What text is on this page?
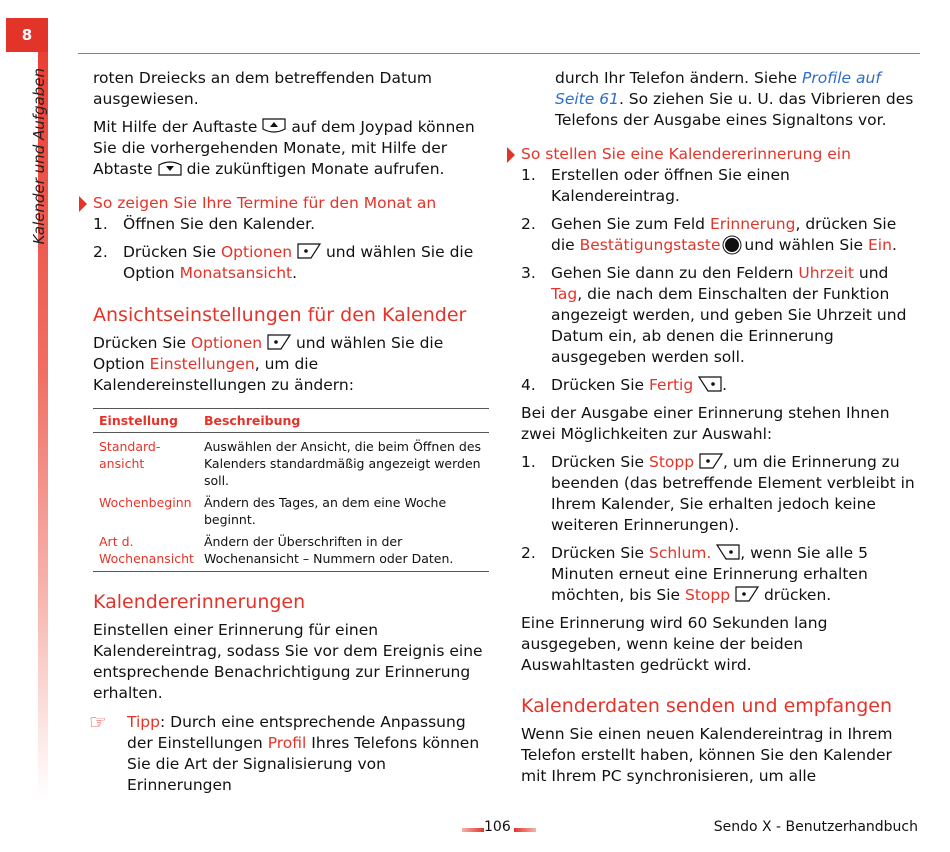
8
Kalender und Aufgaben	roten Dreiecks an dem betreffenden Datum ausgewiesen.

Mit Hilfe der Auftaste auf dem Joypad können Sie die vorhergehenden Monate, mit Hilfe der Abtaste die zukünftigen Monate aufrufen.

So zeigen Sie Ihre Termine für den Monat an

1. Öffnen Sie den Kalender.
2. Drücken Sie Optionen und wählen Sie die Option Monatsansicht.

Ansichtseinstellungen für den Kalender

Drücken Sie Optionen und wählen Sie die Option Einstellungen, um die Kalendereinstellungen zu ändern:

Einstellung	Beschreibung
Standard-ansicht	Auswählen der Ansicht, die beim Öffnen des Kalenders standardmäßig angezeigt werden soll.
Wochenbeginn	Ändern des Tages, an dem eine Woche beginnt.
Art d. Wochenansicht	Ändern der Überschriften in der Wochenansicht – Nummern oder Daten.

Kalendererinnerungen

Einstellen einer Erinnerung für einen Kalendereintrag, sodass Sie vor dem Ereignis eine entsprechende Benachrichtigung zur Erinnerung erhalten.

☞ Tipp: Durch eine entsprechende Anpassung der Einstellungen Profil Ihres Telefons können Sie die Art der Signalisierung von Erinnerungen

durch Ihr Telefon ändern. Siehe Profile auf Seite 61. So ziehen Sie u. U. das Vibrieren des Telefons der Ausgabe eines Signaltons vor.

So stellen Sie eine Kalendererinnerung ein

1. Erstellen oder öffnen Sie einen Kalendereintrag.
2. Gehen Sie zum Feld Erinnerung, drücken Sie die Bestätigungstaste und wählen Sie Ein.
3. Gehen Sie dann zu den Feldern Uhrzeit und Tag, die nach dem Einschalten der Funktion angezeigt werden, und geben Sie Uhrzeit und Datum ein, ab denen die Erinnerung ausgegeben werden soll.
4. Drücken Sie Fertig .

Bei der Ausgabe einer Erinnerung stehen Ihnen zwei Möglichkeiten zur Auswahl:

1. Drücken Sie Stopp , um die Erinnerung zu beenden (das betreffende Element verbleibt in Ihrem Kalender, Sie erhalten jedoch keine weiteren Erinnerungen).
2. Drücken Sie Schlum. , wenn Sie alle 5 Minuten erneut eine Erinnerung erhalten möchten, bis Sie Stopp drücken.

Eine Erinnerung wird 60 Sekunden lang ausgegeben, wenn keine der beiden Auswahltasten gedrückt wird.

Kalenderdaten senden und empfangen

Wenn Sie einen neuen Kalendereintrag in Ihrem Telefon erstellt haben, können Sie den Kalender mit Ihrem PC synchronisieren, um alle

106	Sendo X - Benutzerhandbuch
